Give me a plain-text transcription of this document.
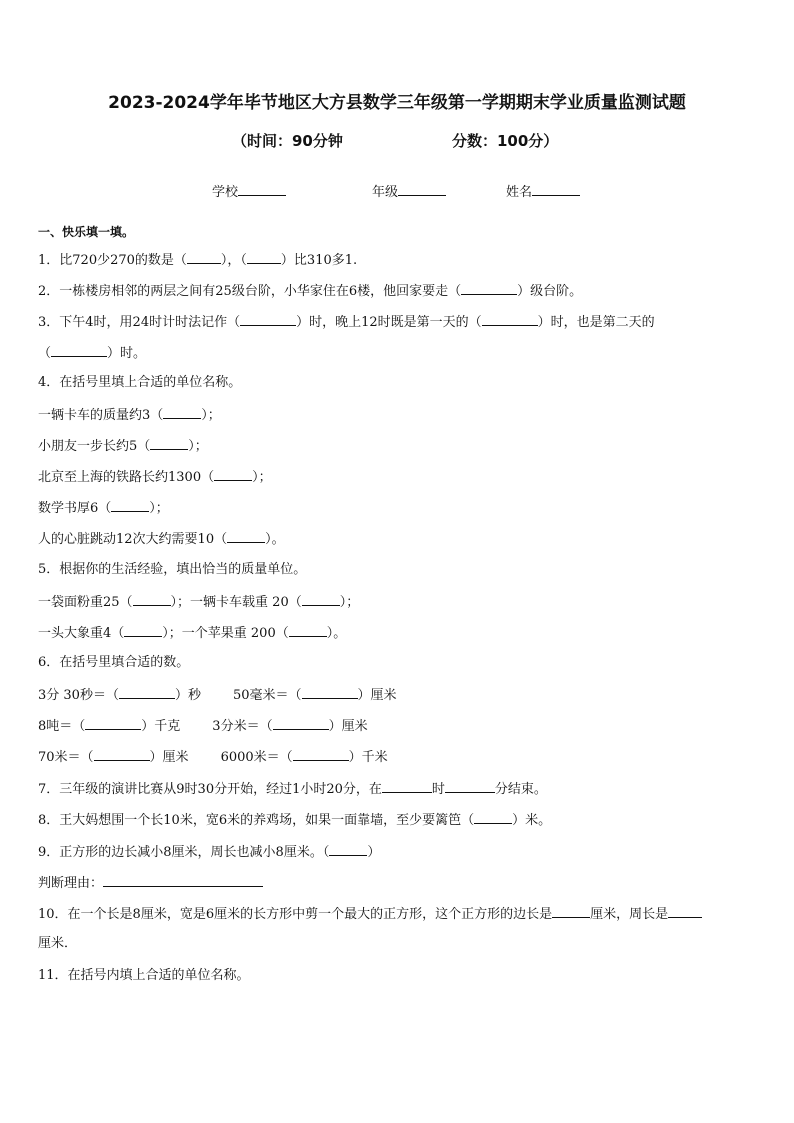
2023-2024学年毕节地区大方县数学三年级第一学期期末学业质量监测试题
（时间：90分钟	分数：100分）
学校	年级	姓名
一、快乐填一填。
1．比720少270的数是（	），（	）比310多1.
2．一栋楼房相邻的两层之间有25级台阶，小华家住在6楼，他回家要走（	）级台阶。
3．下午4时，用24时计时法记作（	）时，晚上12时既是第一天的（	）时，也是第二天的
（	）时。
4．在括号里填上合适的单位名称。
一辆卡车的质量约3（	）；
小朋友一步长约5（	）；
北京至上海的铁路长约1300（	）；
数学书厚6（	）；
人的心脏跳动12次大约需要10（	）。
5．根据你的生活经验，填出恰当的质量单位。
一袋面粉重25（	）；一辆卡车载重 20（	）；
一头大象重4（	）；一个苹果重 200（	）。
6．在括号里填合适的数。
3分 30秒＝（	）秒 50毫米＝（	）厘米
8吨＝（	）千克 3分米＝（	）厘米
70米＝（	）厘米 6000米＝（	）千米
7．三年级的演讲比赛从9时30分开始，经过1小时20分，在	时	分结束。
8．王大妈想围一个长10米，宽6米的养鸡场，如果一面靠墙，至少要篱笆（	）米。
9．正方形的边长减小8厘米，周长也减小8厘米。（	）
判断理由：
10．在一个长是8厘米，宽是6厘米的长方形中剪一个最大的正方形，这个正方形的边长是	厘米，周长是
厘米．
11．在括号内填上合适的单位名称。
